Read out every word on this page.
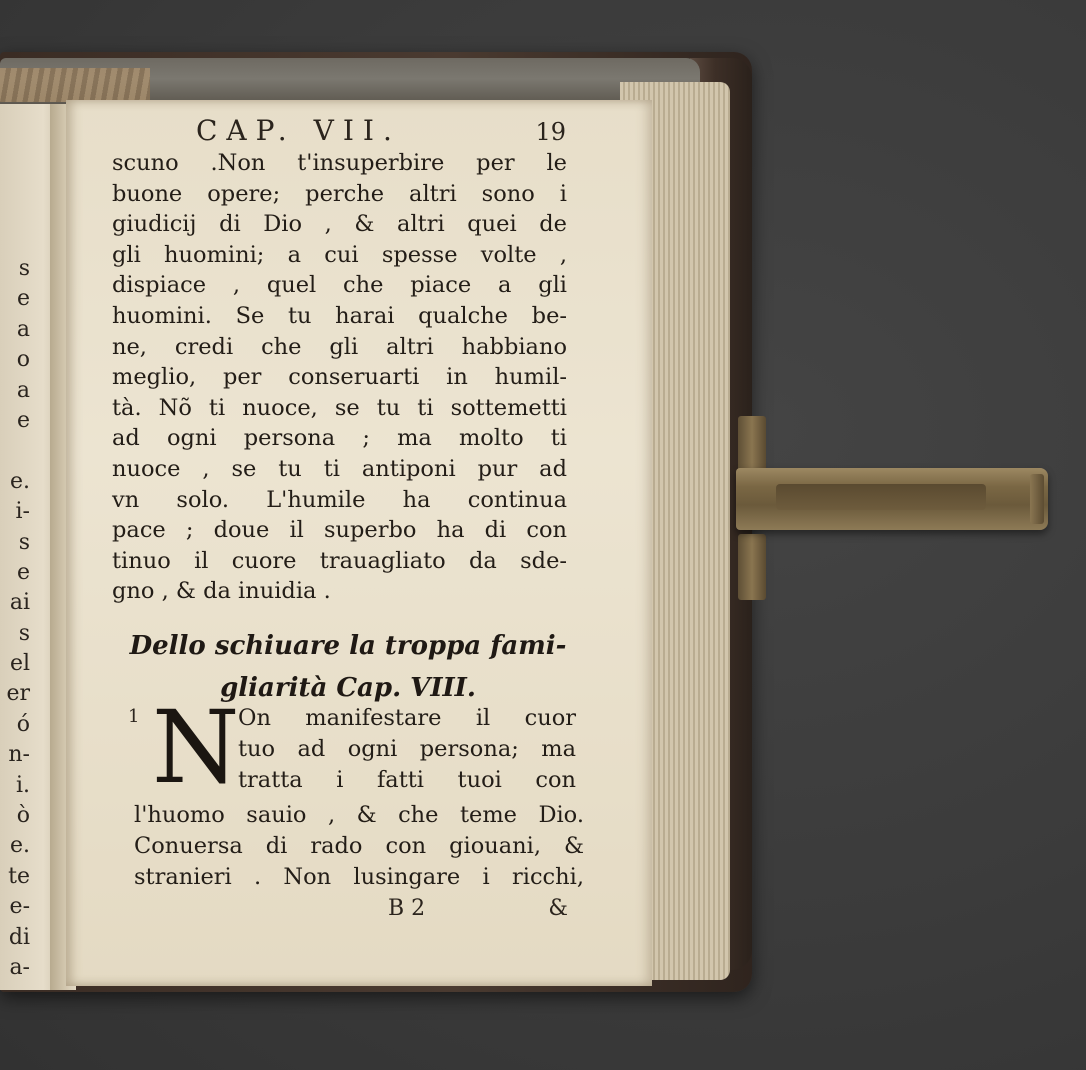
s
e
a
o
a
e
e.
i-
s
e
ai
s
el
er
ó
n-
i.
ò
e.
te
e-
di
a-
CAP. VII.	19
scuno .Non t'insuperbire per le
buone opere; perche altri sono i
giudicij di Dio , & altri quei de
gli huomini; a cui spesse volte ,
dispiace , quel che piace a gli
huomini. Se tu harai qualche be-
ne, credi che gli altri habbiano
meglio, per conseruarti in humil-
tà. Nõ ti nuoce, se tu ti sottemetti
ad ogni persona ; ma molto ti
nuoce , se tu ti antiponi pur ad
vn solo. L'humile ha continua
pace ; doue il superbo ha di con
tinuo il cuore trauagliato da sde-
gno , & da inuidia .
Dello schiuare la troppa fami-
gliarità Cap. VIII.
1 N
On manifestare il cuor
tuo ad ogni persona; ma
tratta i fatti tuoi con
l'huomo sauio , & che teme Dio.
Conuersa di rado con giouani, &
stranieri . Non lusingare i ricchi,
B 2	&
